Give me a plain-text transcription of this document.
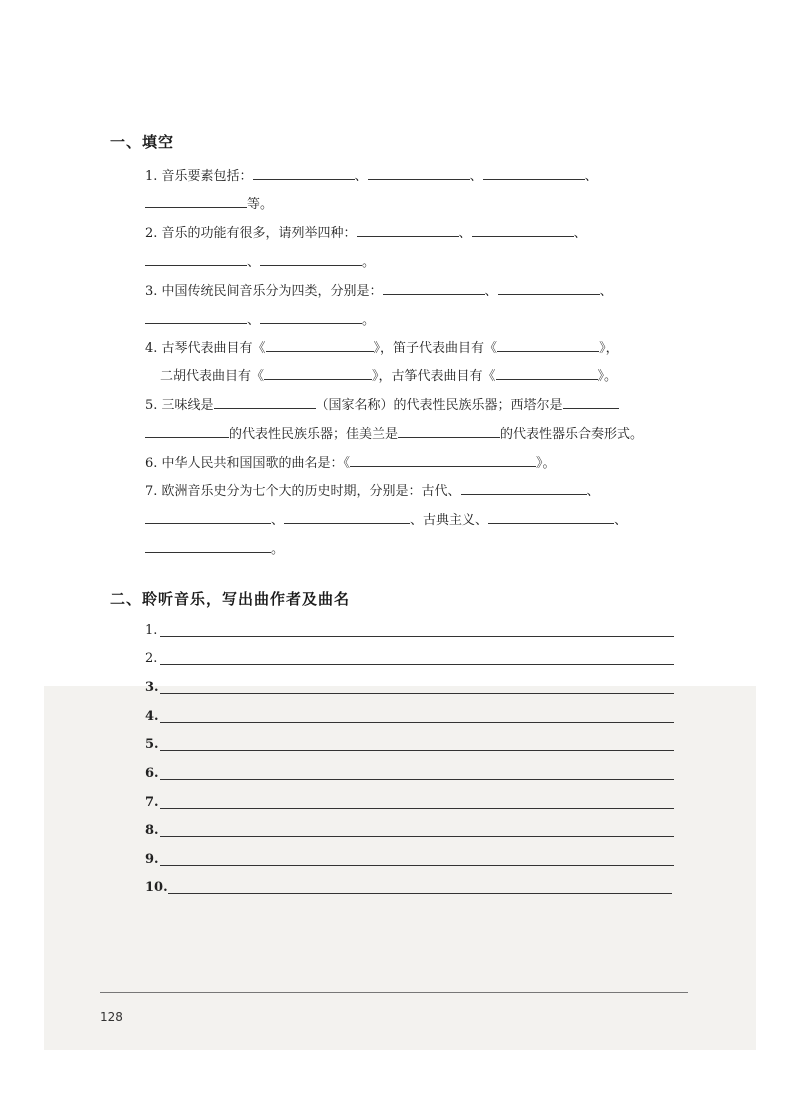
一、填空
1. 音乐要素包括：	、	、	、
等。
2. 音乐的功能有很多，请列举四种：	、	、
、	。
3. 中国传统民间音乐分为四类，分别是：	、	、
、	。
4. 古琴代表曲目有《	》，笛子代表曲目有《	》，
二胡代表曲目有《	》，古筝代表曲目有《	》。
5. 三味线是	（国家名称）的代表性民族乐器；西塔尔是
的代表性民族乐器；佳美兰是	的代表性器乐合奏形式。
6. 中华人民共和国国歌的曲名是：《	》。
7. 欧洲音乐史分为七个大的历史时期，分别是：古代、	、
、	、古典主义、	、
。
二、聆听音乐，写出曲作者及曲名
1.
2.
3.
4.
5.
6.
7.
8.
9.
10.
128
